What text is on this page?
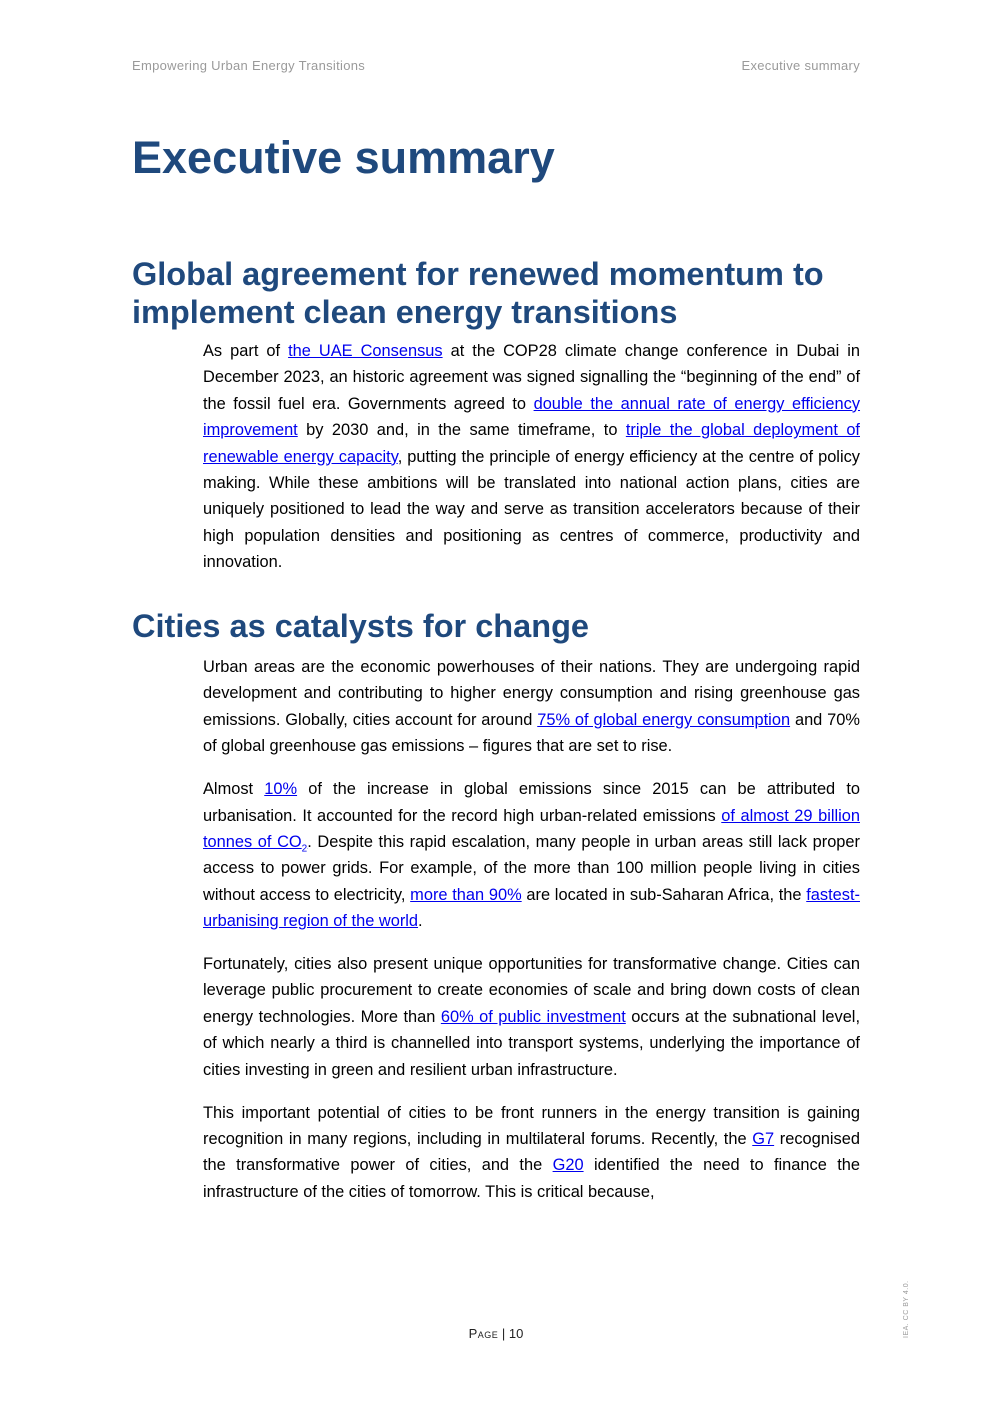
Empowering Urban Energy Transitions	Executive summary
Executive summary
Global agreement for renewed momentum to implement clean energy transitions

As part of the UAE Consensus at the COP28 climate change conference in Dubai in December 2023, an historic agreement was signed signalling the “beginning of the end” of the fossil fuel era. Governments agreed to double the annual rate of energy efficiency improvement by 2030 and, in the same timeframe, to triple the global deployment of renewable energy capacity, putting the principle of energy efficiency at the centre of policy making. While these ambitions will be translated into national action plans, cities are uniquely positioned to lead the way and serve as transition accelerators because of their high population densities and positioning as centres of commerce, productivity and innovation.

Cities as catalysts for change

Urban areas are the economic powerhouses of their nations. They are undergoing rapid development and contributing to higher energy consumption and rising greenhouse gas emissions. Globally, cities account for around 75% of global energy consumption and 70% of global greenhouse gas emissions – figures that are set to rise.

Almost 10% of the increase in global emissions since 2015 can be attributed to urbanisation. It accounted for the record high urban-related emissions of almost 29 billion tonnes of $CO_2$. Despite this rapid escalation, many people in urban areas still lack proper access to power grids. For example, of the more than 100 million people living in cities without access to electricity, more than 90% are located in sub-Saharan Africa, the fastest-urbanising region of the world.

Fortunately, cities also present unique opportunities for transformative change. Cities can leverage public procurement to create economies of scale and bring down costs of clean energy technologies. More than 60% of public investment occurs at the subnational level, of which nearly a third is channelled into transport systems, underlying the importance of cities investing in green and resilient urban infrastructure.

This important potential of cities to be front runners in the energy transition is gaining recognition in many regions, including in multilateral forums. Recently, the G7 recognised the transformative power of cities, and the G20 identified the need to finance the infrastructure of the cities of tomorrow. This is critical because,

Page | 10	IEA. CC BY 4.0.
